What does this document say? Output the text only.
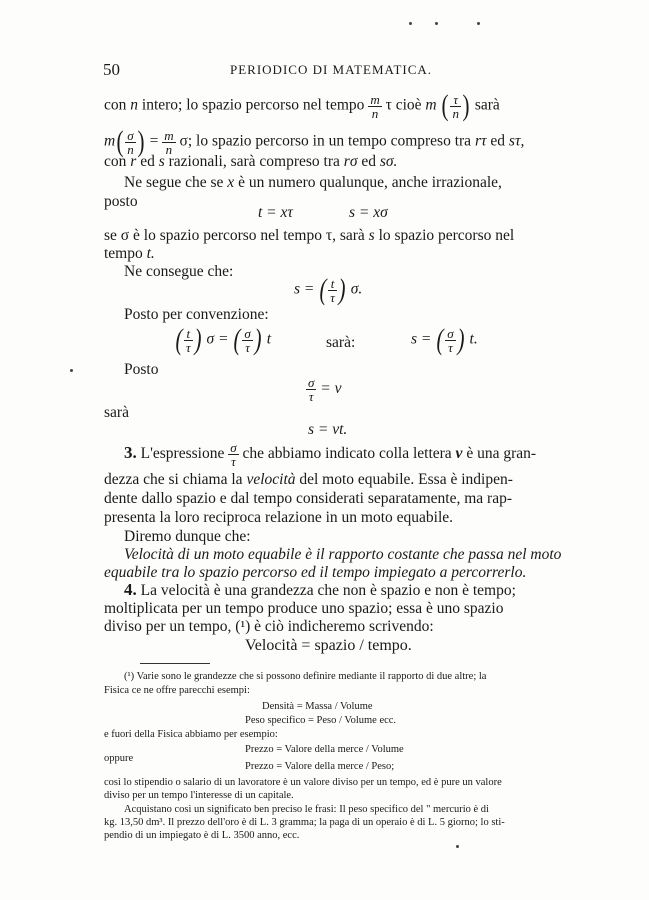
50	PERIODICO DI MATEMATICA.
con n intero; lo spazio percorso nel tempo $\frac{m}{n}$ τ cioè m ( $\frac{\tau}{n}$ ) sarà
m ( $\frac{\sigma}{n}$ ) = $\frac{m}{n} \sigma$; lo spazio percorso in un tempo compreso tra rτ ed sτ,
con r ed s razionali, sarà compreso tra rσ ed sσ.
Ne segue che se x è un numero qualunque, anche irrazionale,
posto
t = xτ	s = xσ
se σ è lo spazio percorso nel tempo τ, sarà s lo spazio percorso nel
tempo t.
Ne consegue che:
s = ( $\frac{t}{\tau}$ ) σ.
Posto per convenzione:
( $\frac{t}{\tau}$ ) σ = ( $\frac{\sigma}{\tau}$ ) t	sarà:	s = ( $\frac{\sigma}{\tau}$ ) t.
Posto
$\frac{\sigma}{\tau} = v$
sarà
s = vt.
3. L'espressione $\frac{\sigma}{\tau}$ che abbiamo indicato colla lettera v è una gran-
dezza che si chiama la velocità del moto equabile. Essa è indipen-
dente dallo spazio e dal tempo considerati separatamente, ma rap-
presenta la loro reciproca relazione in un moto equabile.
Diremo dunque che:
Velocità di un moto equabile è il rapporto costante che passa nel moto
equabile tra lo spazio percorso ed il tempo impiegato a percorrerlo.
4. La velocità è una grandezza che non è spazio e non è tempo;
moltiplicata per un tempo produce uno spazio; essa è uno spazio
diviso per un tempo, (¹) è ciò indicheremo scrivendo:
Velocità = spazio / tempo.
(¹) Varie sono le grandezze che si possono definire mediante il rapporto di due altre; la
Fisica ce ne offre parecchi esempi:
Densità = Massa / Volume
Peso specifico = Peso / Volume ecc.
e fuori della Fisica abbiamo per esempio:
Prezzo = Valore della merce / Volume
oppure
Prezzo = Valore della merce / Peso;
così lo stipendio o salario di un lavoratore è un valore diviso per un tempo, ed è pure un valore
diviso per un tempo l'interesse di un capitale.
Acquistano così un significato ben preciso le frasi: Il peso specifico del " mercurio è di
kg. 13,50 dm³. Il prezzo dell'oro è di L. 3 gramma; la paga di un operaio è di L. 5 giorno; lo sti-
pendio di un impiegato è di L. 3500 anno, ecc.
